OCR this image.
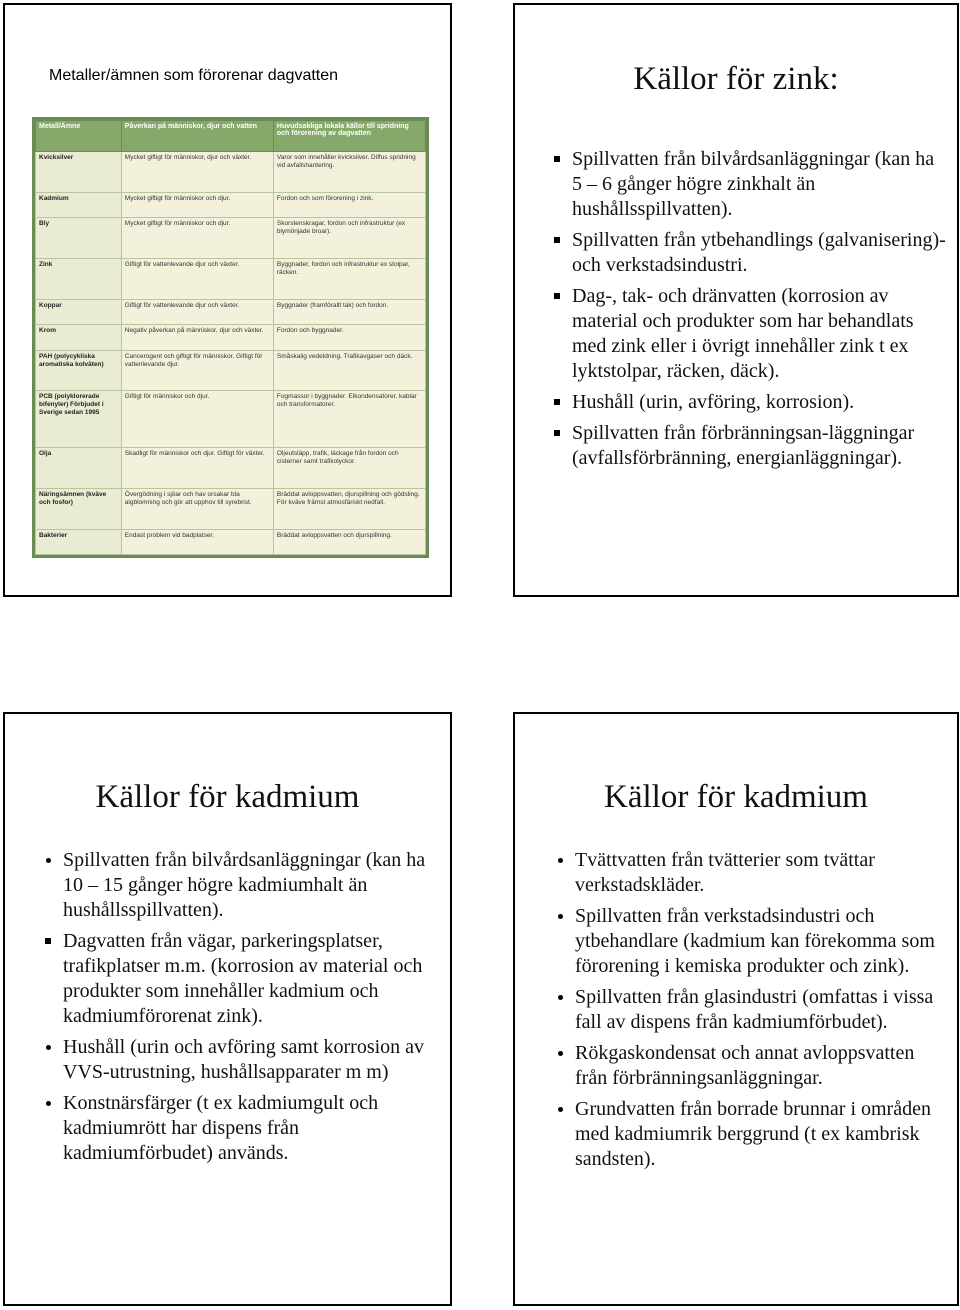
Metaller/ämnen som förorenar dagvatten
Metall/Ämne	Påverkan på människor, djur och vatten	Huvudsakliga lokala källor till spridning och förorening av dagvatten
Kvicksilver	Mycket giftigt för människor, djur och växter.	Varor som innehåller kvicksilver. Diffus spridning vid avfallshantering.
Kadmium	Mycket giftigt för människor och djur.	Fordon och som förorening i zink.
Bly	Mycket giftigt för människor och djur.	Skorstenskragar, fordon och infrastruktur (ex blymönjade broar).
Zink	Giftigt för vattenlevande djur och växter.	Byggnader, fordon och infrastruktur ex stolpar, räcken.
Koppar	Giftigt för vattenlevande djur och växter.	Byggnader (framförallt tak) och fordon.
Krom	Negativ påverkan på människor, djur och växter.	Fordon och byggnader.
PAH (polycykliska aromatiska kolväten)	Cancerogent och giftigt för människor. Giftigt för vattenlevande djur.	Småskalig vedeldning. Trafikavgaser och däck.
PCB (polyklorerade bifenyler) Förbjudet i Sverige sedan 1995	Giftigt för människor och djur.	Fogmassor i byggnader. Elkondensatorer, kablar och transformatorer.
Olja	Skadligt för människor och djur. Giftigt för växter.	Oljeutsläpp, trafik, läckage från fordon och cisterner samt trafikolyckor.
Näringsämnen (kväve och fosfor)	Övergödning i sjöar och hav orsakar bla algblomning och gör att upphov till syrebrist.	Bräddat avloppsvatten, djurspillning och gödsling. För kväve främst atmosfäriskt nedfall.
Bakterier	Endast problem vid badplatser.	Bräddat avloppsvatten och djurspillning.
Källor för zink:
Spillvatten från bilvårdsanläggningar (kan ha 5 – 6 gånger högre zinkhalt än hushållsspillvatten).
Spillvatten från ytbehandlings (galvanisering)- och verkstadsindustri.
Dag-, tak- och dränvatten (korrosion av material och produkter som har behandlats med zink eller i övrigt innehåller zink t ex lyktstolpar, räcken, däck).
Hushåll (urin, avföring, korrosion).
Spillvatten från förbränningsan-läggningar (avfallsförbränning, energianläggningar).
Källor för kadmium
Spillvatten från bilvårdsanläggningar (kan ha 10 – 15 gånger högre kadmiumhalt än hushållsspillvatten).
Dagvatten från vägar, parkeringsplatser, trafikplatser m.m. (korrosion av material och produkter som innehåller kadmium och kadmiumförorenat zink).
Hushåll (urin och avföring samt korrosion av VVS-utrustning, hushållsapparater m m)
Konstnärsfärger (t ex kadmiumgult och kadmiumrött har dispens från kadmiumförbudet) används.
Källor för kadmium
Tvättvatten från tvätterier som tvättar verkstadskläder.
Spillvatten från verkstadsindustri och ytbehandlare (kadmium kan förekomma som förorening i kemiska produkter och zink).
Spillvatten från glasindustri (omfattas i vissa fall av dispens från kadmiumförbudet).
Rökgaskondensat och annat avloppsvatten från förbränningsanläggningar.
Grundvatten från borrade brunnar i områden med kadmiumrik berggrund (t ex kambrisk sandsten).
